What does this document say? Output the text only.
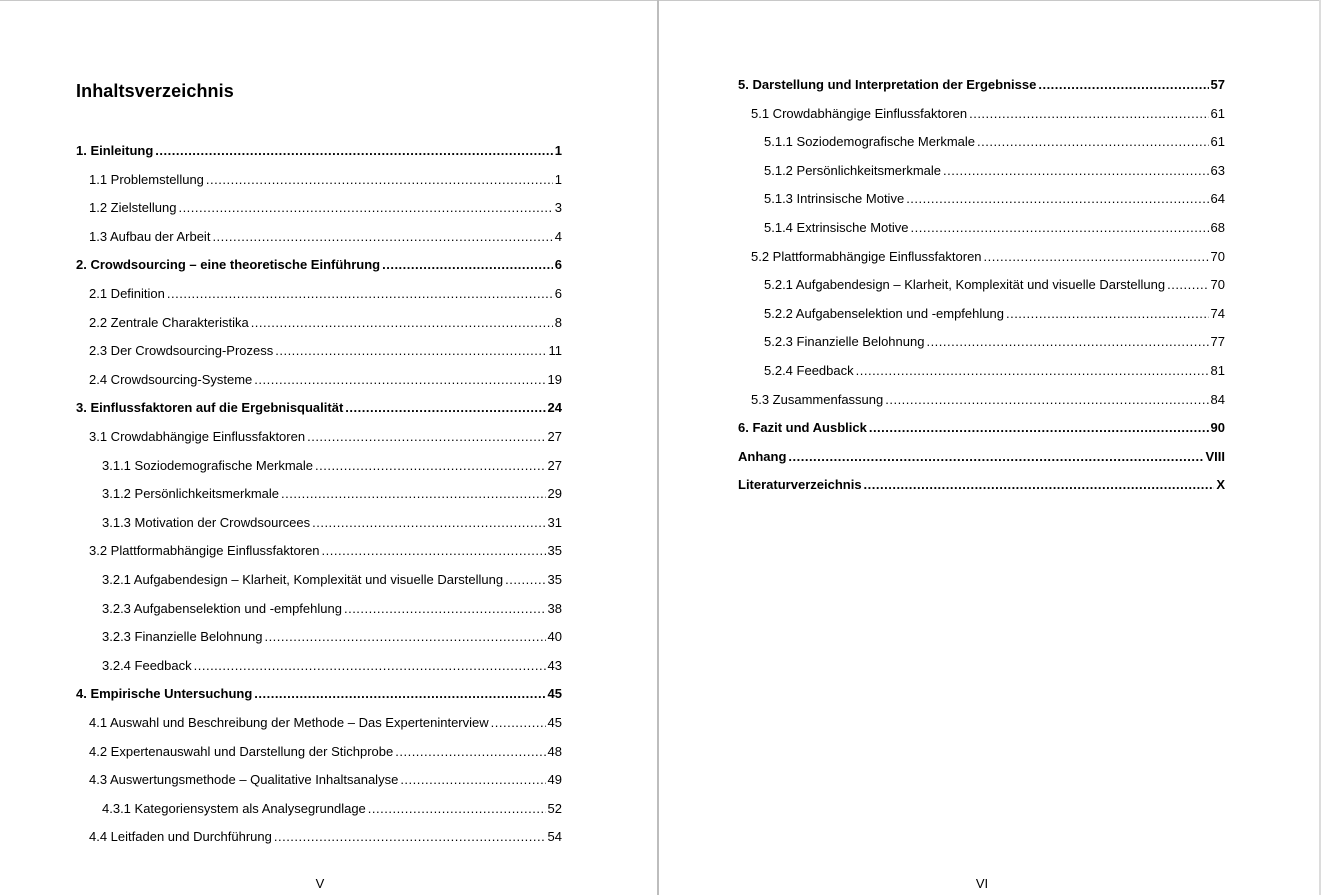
Inhaltsverzeichnis
1. Einleitung .....	1
1.1 Problemstellung .....	1
1.2 Zielstellung .....	3
1.3 Aufbau der Arbeit .....	4
2. Crowdsourcing – eine theoretische Einführung .....	6
2.1 Definition .....	6
2.2 Zentrale Charakteristika .....	8
2.3 Der Crowdsourcing-Prozess .....	11
2.4 Crowdsourcing-Systeme .....	19
3. Einflussfaktoren auf die Ergebnisqualität .....	24
3.1 Crowdabhängige Einflussfaktoren .....	27
3.1.1 Soziodemografische Merkmale .....	27
3.1.2 Persönlichkeitsmerkmale .....	29
3.1.3 Motivation der Crowdsourcees .....	31
3.2 Plattformabhängige Einflussfaktoren .....	35
3.2.1 Aufgabendesign – Klarheit, Komplexität und visuelle Darstellung .....	35
3.2.3 Aufgabenselektion und -empfehlung .....	38
3.2.3 Finanzielle Belohnung .....	40
3.2.4 Feedback .....	43
4. Empirische Untersuchung .....	45
4.1 Auswahl und Beschreibung der Methode – Das Experteninterview .....	45
4.2 Expertenauswahl und Darstellung der Stichprobe .....	48
4.3 Auswertungsmethode – Qualitative Inhaltsanalyse .....	49
4.3.1 Kategoriensystem als Analysegrundlage .....	52
4.4 Leitfaden und Durchführung .....	54
V
5. Darstellung und Interpretation der Ergebnisse .....	57
5.1 Crowdabhängige Einflussfaktoren .....	61
5.1.1 Soziodemografische Merkmale .....	61
5.1.2 Persönlichkeitsmerkmale .....	63
5.1.3 Intrinsische Motive .....	64
5.1.4 Extrinsische Motive .....	68
5.2 Plattformabhängige Einflussfaktoren .....	70
5.2.1 Aufgabendesign – Klarheit, Komplexität und visuelle Darstellung .....	70
5.2.2 Aufgabenselektion und -empfehlung .....	74
5.2.3 Finanzielle Belohnung .....	77
5.2.4 Feedback .....	81
5.3 Zusammenfassung .....	84
6. Fazit und Ausblick .....	90
Anhang .....	VIII
Literaturverzeichnis .....	X
VI
